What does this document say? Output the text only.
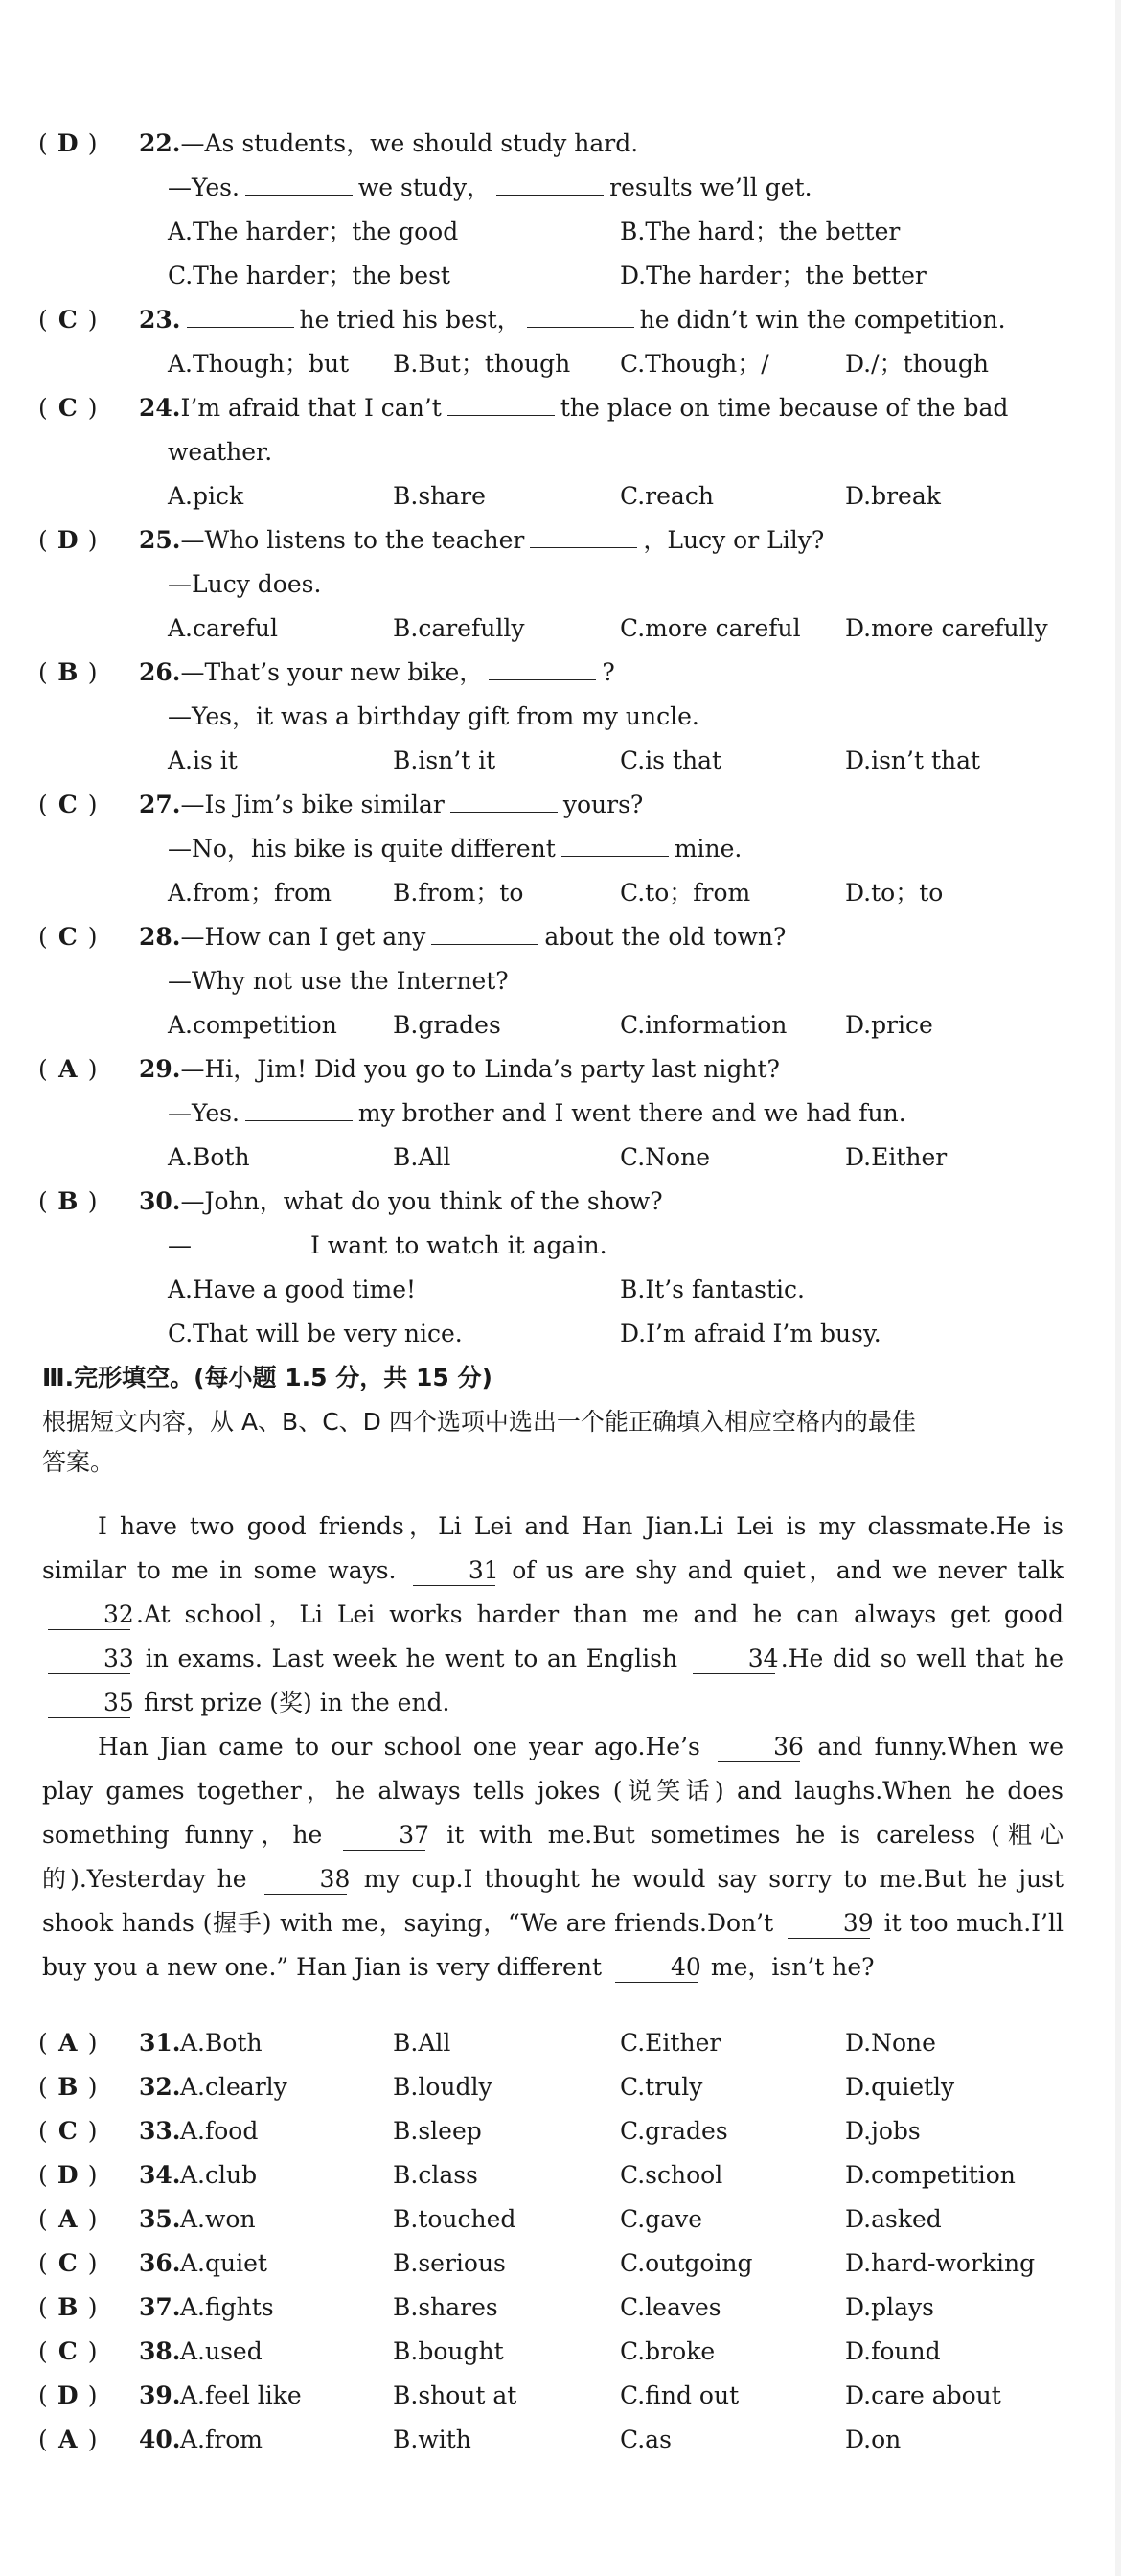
( D ) 22.—As students，we should study hard.
—Yes.	we study，	results we’ll get.
A.The harder；the good	B.The hard；the better
C.The harder；the best	D.The harder；the better
( C ) 23.	he tried his best，	he didn’t win the competition.
A.Though；but B.But；though C.Though；/	D./；though
( C ) 24.I’m afraid that I can’t	the place on time because of the bad
weather.
A.pick	B.share	C.reach	D.break
( D ) 25.—Who listens to the teacher	，Lucy or Lily?
—Lucy does.
A.careful	B.carefully	C.more careful D.more carefully
( B ) 26.—That’s your new bike，	?
—Yes，it was a birthday gift from my uncle.
A.is it	B.isn’t it	C.is that	D.isn’t that
( C ) 27.—Is Jim’s bike similar	yours?
—No，his bike is quite different	mine.
A.from；from	B.from；to	C.to；from	D.to；to
( C ) 28.—How can I get any	about the old town?
—Why not use the Internet?
A.competition B.grades	C.information D.price
( A ) 29.—Hi，Jim! Did you go to Linda’s party last night?
—Yes.	my brother and I went there and we had fun.
A.Both	B.All	C.None	D.Either
( B ) 30.—John，what do you think of the show?
—	I want to watch it again.
A.Have a good time!	B.It’s fantastic.
C.That will be very nice.	D.I’m afraid I’m busy.
Ⅲ.完形填空。(每小题 1.5 分，共 15 分)
根据短文内容，从 A、B、C、D 四个选项中选出一个能正确填入相应空格内的最佳
答案。

I have two good friends，Li Lei and Han Jian.Li Lei is my classmate.He is similar to me in some ways.	31 of us are shy and quiet，and we never talk 32.At school，Li Lei works harder than me and he can always get good 33 in exams. Last week he went to an English	34.He did so well that he 35 first prize (奖) in the end.

Han Jian came to our school one year ago.He’s	36 and funny.When we play games together，he always tells jokes (说笑话) and laughs.When he does something funny，he	37 it with me.But sometimes he is careless (粗心的).Yesterday he	38 my cup.I thought he would say sorry to me.But he just shook hands (握手) with me，saying，“We are friends.Don’t	39 it too much.I’ll buy you a new one.” Han Jian is very different	40 me，isn’t he?

( A ) 31. A.Both	B.All	C.Either	D.None
( B ) 32. A.clearly	B.loudly	C.truly	D.quietly
( C ) 33. A.food	B.sleep	C.grades	D.jobs
( D ) 34. A.club	B.class	C.school	D.competition
( A ) 35. A.won	B.touched	C.gave	D.asked
( C ) 36. A.quiet	B.serious	C.outgoing	D.hard-working
( B ) 37. A.fights	B.shares	C.leaves	D.plays
( C ) 38. A.used	B.bought	C.broke	D.found
( D ) 39. A.feel like	B.shout at	C.find out	D.care about
( A ) 40. A.from	B.with	C.as	D.on
